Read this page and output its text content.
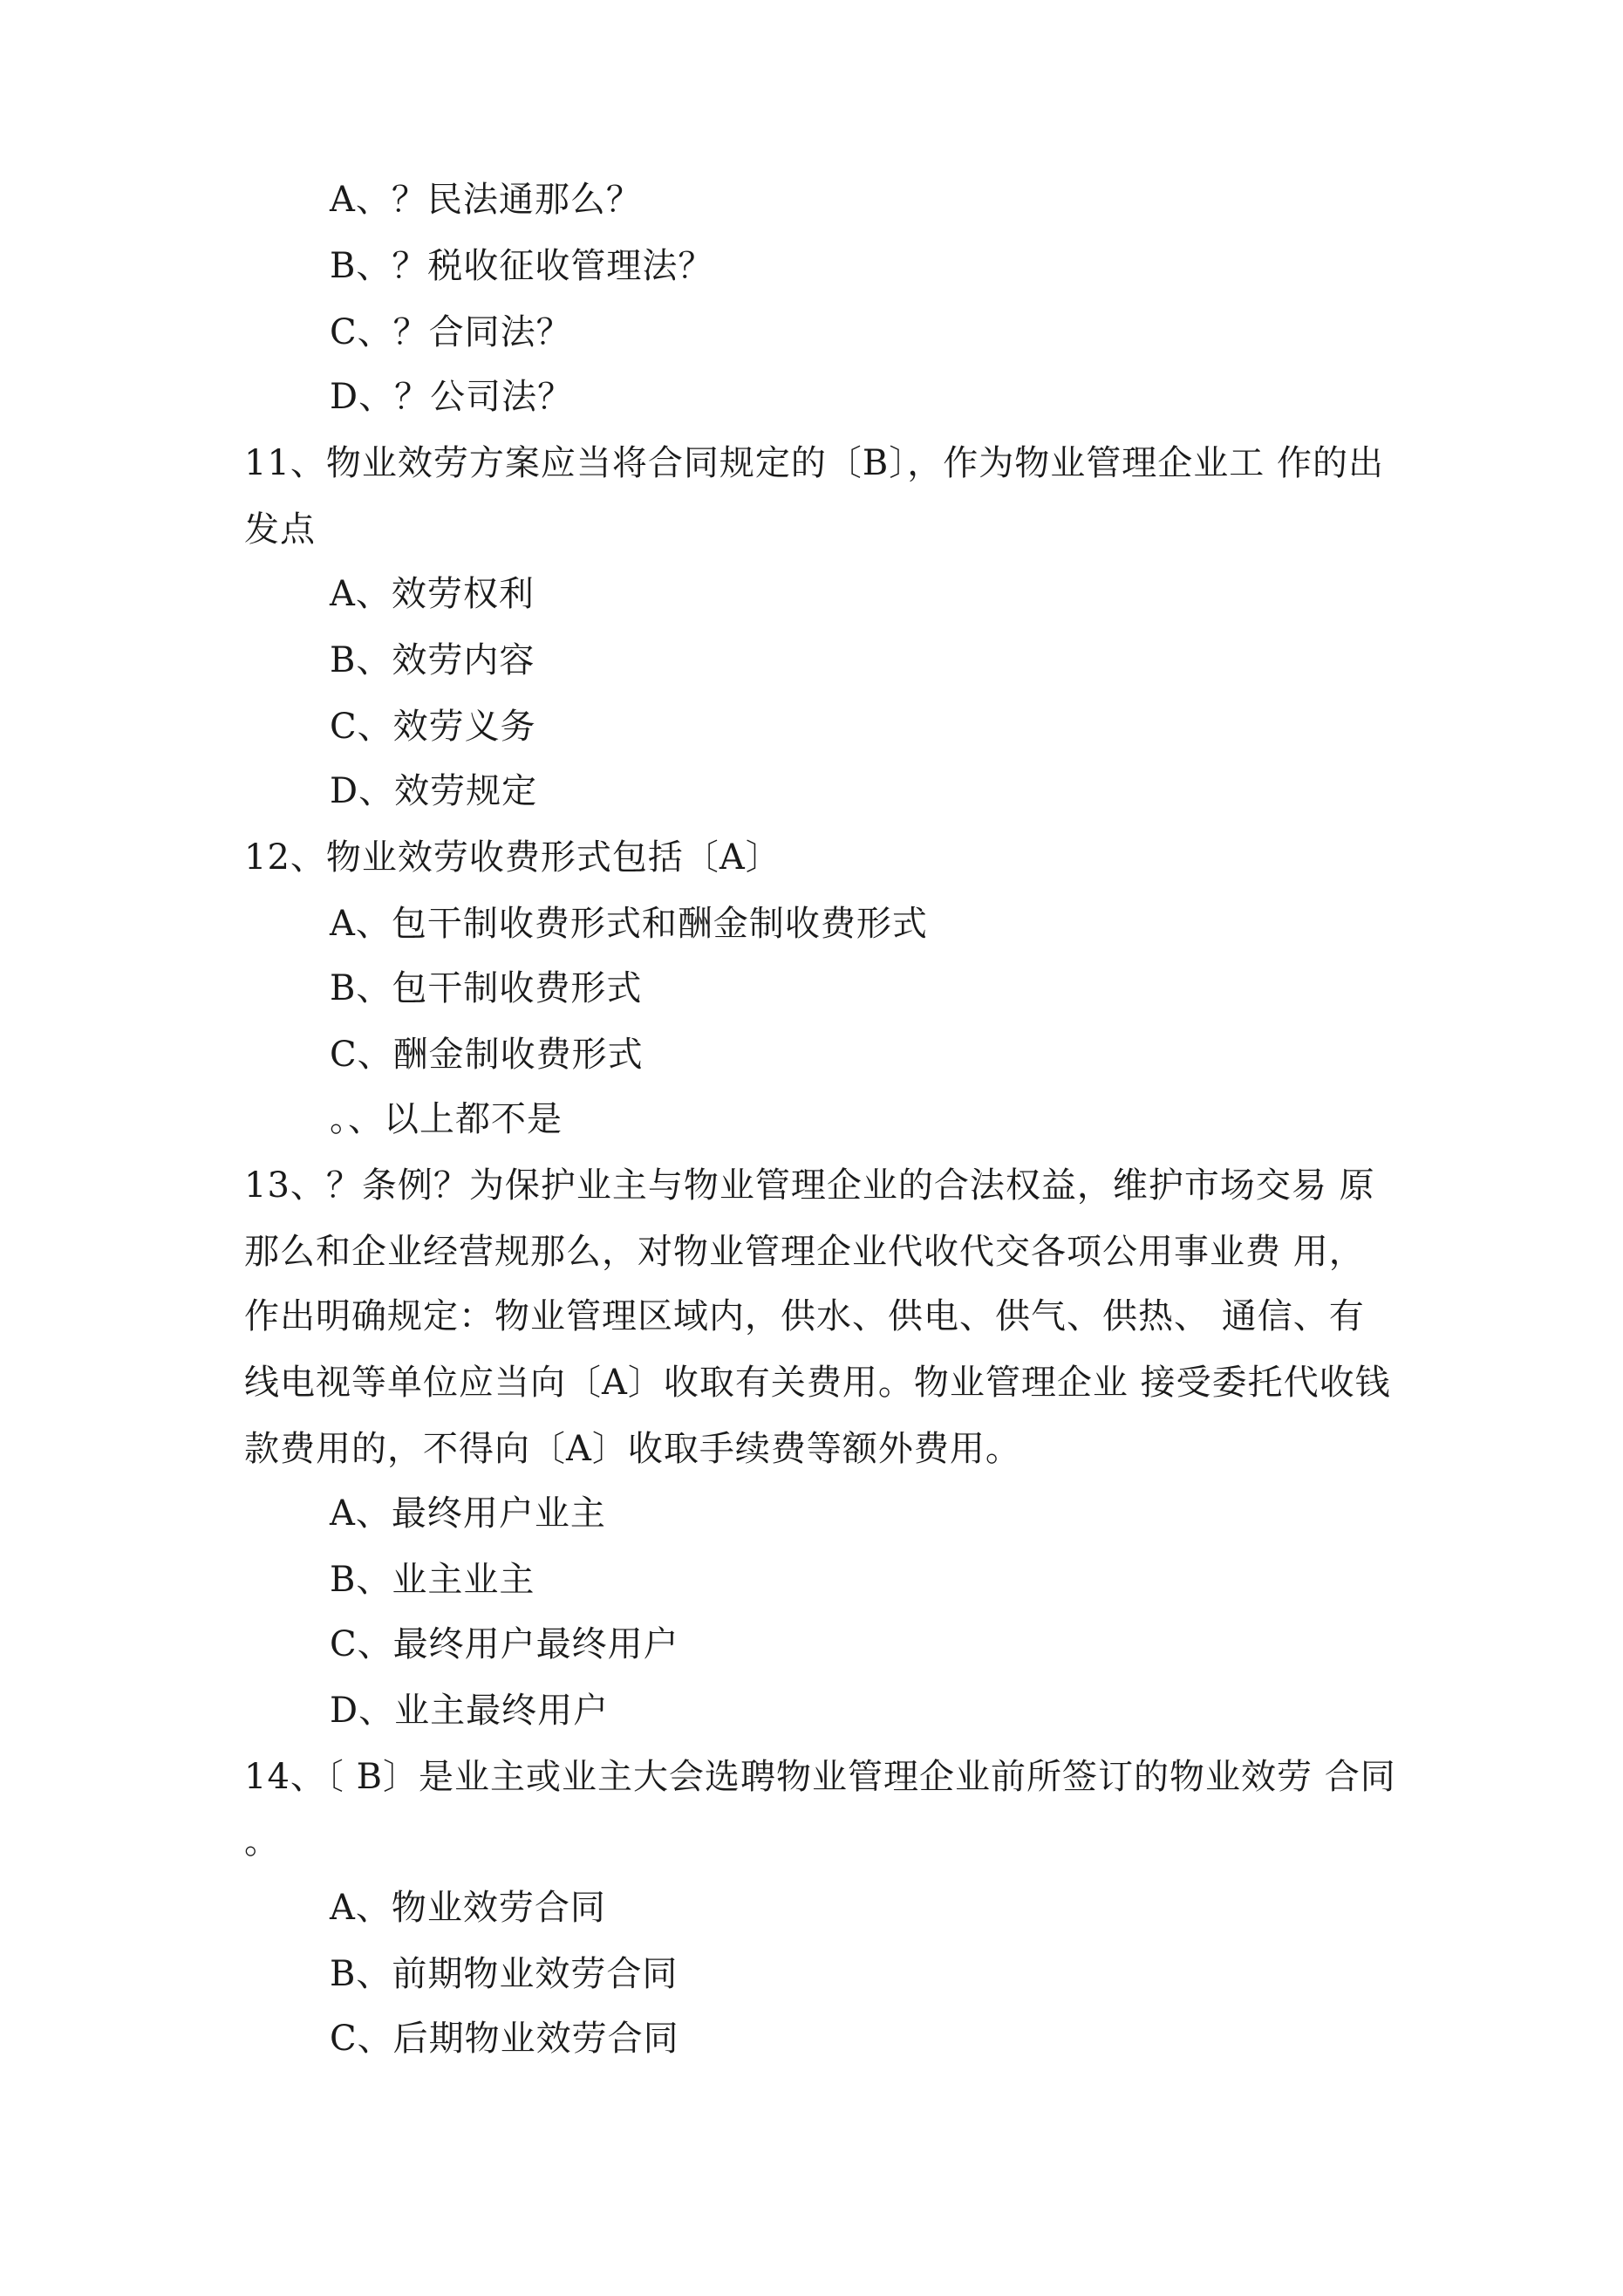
A、？民法通那么？
B、？税收征收管理法？
C、？合同法？
D、？公司法？
11、物业效劳方案应当将合同规定的〔B〕，作为物业管理企业工 作的出
发点
A、效劳权利
B、效劳内容
C、效劳义务
D、效劳规定
12、物业效劳收费形式包括〔A〕
A、包干制收费形式和酬金制收费形式
B、包干制收费形式
C、酬金制收费形式
。、以上都不是
13、？条例？为保护业主与物业管理企业的合法权益，维护市场交易 原
那么和企业经营规那么，对物业管理企业代收代交各项公用事业费 用，
作出明确规定：物业管理区域内，供水、供电、供气、供热、 通信、有
线电视等单位应当向〔A〕收取有关费用。物业管理企业 接受委托代收钱
款费用的，不得向〔A〕收取手续费等额外费用。
A、最终用户业主
B、业主业主
C、最终用户最终用户
D、业主最终用户
14、〔 B〕是业主或业主大会选聘物业管理企业前所签订的物业效劳 合同
。
A、物业效劳合同
B、前期物业效劳合同
C、后期物业效劳合同
